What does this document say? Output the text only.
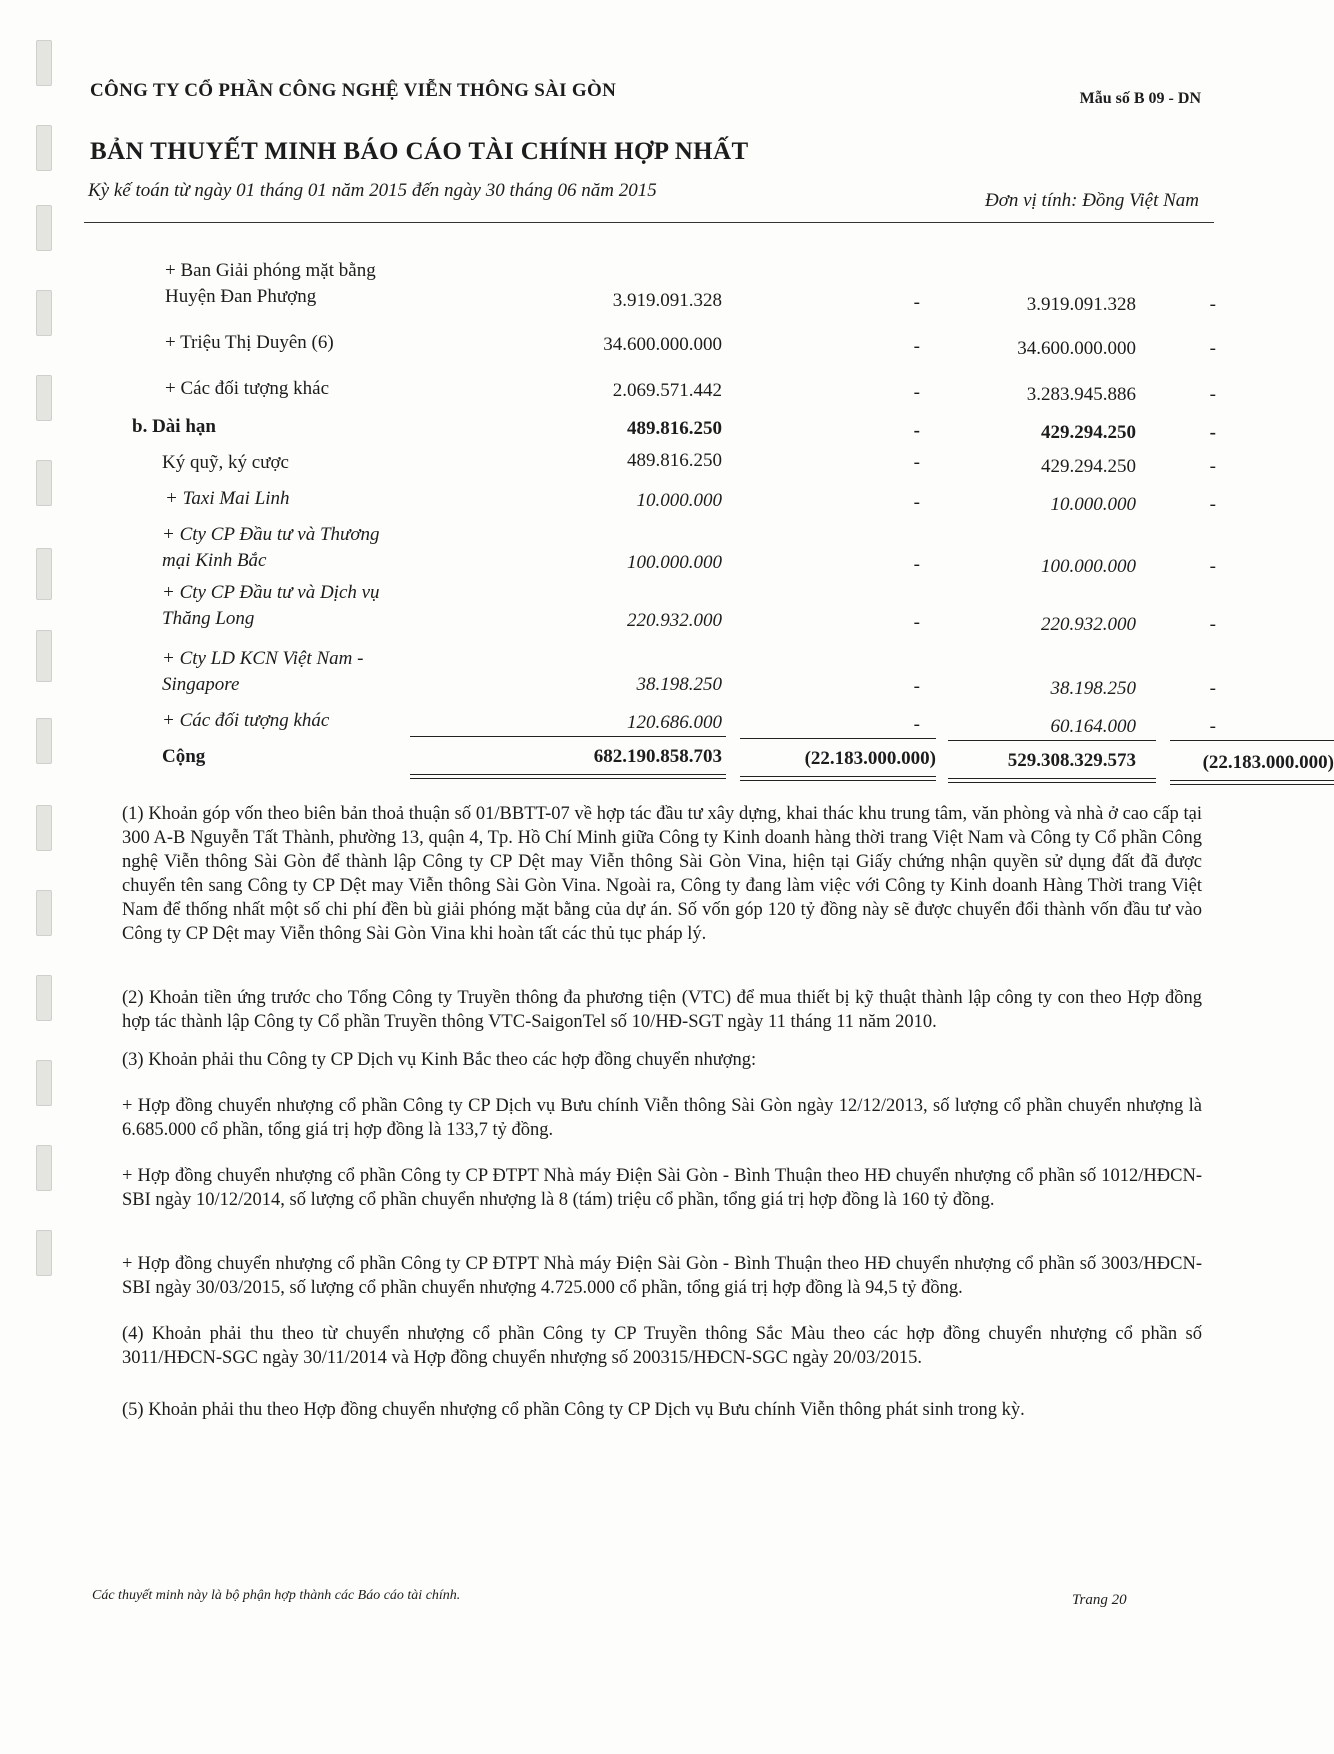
CÔNG TY CỔ PHẦN CÔNG NGHỆ VIỄN THÔNG SÀI GÒN	Mẫu số B 09 - DN
BẢN THUYẾT MINH BÁO CÁO TÀI CHÍNH HỢP NHẤT
Kỳ kế toán từ ngày 01 tháng 01 năm 2015 đến ngày 30 tháng 06 năm 2015	Đơn vị tính: Đồng Việt Nam
+ Ban Giải phóng mặt bằng Huyện Đan Phượng	3.919.091.328	-	3.919.091.328	-
+ Triệu Thị Duyên (6)	34.600.000.000	-	34.600.000.000	-
+ Các đối tượng khác	2.069.571.442	-	3.283.945.886	-
b. Dài hạn	489.816.250	-	429.294.250	-
Ký quỹ, ký cược	489.816.250	-	429.294.250	-
+ Taxi Mai Linh	10.000.000	-	10.000.000	-
+ Cty CP Đầu tư và Thương mại Kinh Bắc	100.000.000	-	100.000.000	-
+ Cty CP Đầu tư và Dịch vụ Thăng Long	220.932.000	-	220.932.000	-
+ Cty LD KCN Việt Nam - Singapore	38.198.250	-	38.198.250	-
+ Các đối tượng khác	120.686.000	-	60.164.000	-
Cộng	682.190.858.703	(22.183.000.000)	529.308.329.573	(22.183.000.000)

(1) Khoản góp vốn theo biên bản thoả thuận số 01/BBTT-07 về hợp tác đầu tư xây dựng, khai thác khu trung tâm, văn phòng và nhà ở cao cấp tại 300 A-B Nguyễn Tất Thành, phường 13, quận 4, Tp. Hồ Chí Minh giữa Công ty Kinh doanh hàng thời trang Việt Nam và Công ty Cổ phần Công nghệ Viễn thông Sài Gòn để thành lập Công ty CP Dệt may Viễn thông Sài Gòn Vina, hiện tại Giấy chứng nhận quyền sử dụng đất đã được chuyển tên sang Công ty CP Dệt may Viễn thông Sài Gòn Vina. Ngoài ra, Công ty đang làm việc với Công ty Kinh doanh Hàng Thời trang Việt Nam để thống nhất một số chi phí đền bù giải phóng mặt bằng của dự án. Số vốn góp 120 tỷ đồng này sẽ được chuyển đổi thành vốn đầu tư vào Công ty CP Dệt may Viễn thông Sài Gòn Vina khi hoàn tất các thủ tục pháp lý.

(2) Khoản tiền ứng trước cho Tổng Công ty Truyền thông đa phương tiện (VTC) để mua thiết bị kỹ thuật thành lập công ty con theo Hợp đồng hợp tác thành lập Công ty Cổ phần Truyền thông VTC-SaigonTel số 10/HĐ-SGT ngày 11 tháng 11 năm 2010.

(3) Khoản phải thu Công ty CP Dịch vụ Kinh Bắc theo các hợp đồng chuyển nhượng:

+ Hợp đồng chuyển nhượng cổ phần Công ty CP Dịch vụ Bưu chính Viễn thông Sài Gòn ngày 12/12/2013, số lượng cổ phần chuyển nhượng là 6.685.000 cổ phần, tổng giá trị hợp đồng là 133,7 tỷ đồng.

+ Hợp đồng chuyển nhượng cổ phần Công ty CP ĐTPT Nhà máy Điện Sài Gòn - Bình Thuận theo HĐ chuyển nhượng cổ phần số 1012/HĐCN-SBI ngày 10/12/2014, số lượng cổ phần chuyển nhượng là 8 (tám) triệu cổ phần, tổng giá trị hợp đồng là 160 tỷ đồng.

+ Hợp đồng chuyển nhượng cổ phần Công ty CP ĐTPT Nhà máy Điện Sài Gòn - Bình Thuận theo HĐ chuyển nhượng cổ phần số 3003/HĐCN-SBI ngày 30/03/2015, số lượng cổ phần chuyển nhượng 4.725.000 cổ phần, tổng giá trị hợp đồng là 94,5 tỷ đồng.

(4) Khoản phải thu theo từ chuyển nhượng cổ phần Công ty CP Truyền thông Sắc Màu theo các hợp đồng chuyển nhượng cổ phần số 3011/HĐCN-SGC ngày 30/11/2014 và Hợp đồng chuyển nhượng số 200315/HĐCN-SGC ngày 20/03/2015.

(5) Khoản phải thu theo Hợp đồng chuyển nhượng cổ phần Công ty CP Dịch vụ Bưu chính Viễn thông phát sinh trong kỳ.

Các thuyết minh này là bộ phận hợp thành các Báo cáo tài chính.	Trang 20
